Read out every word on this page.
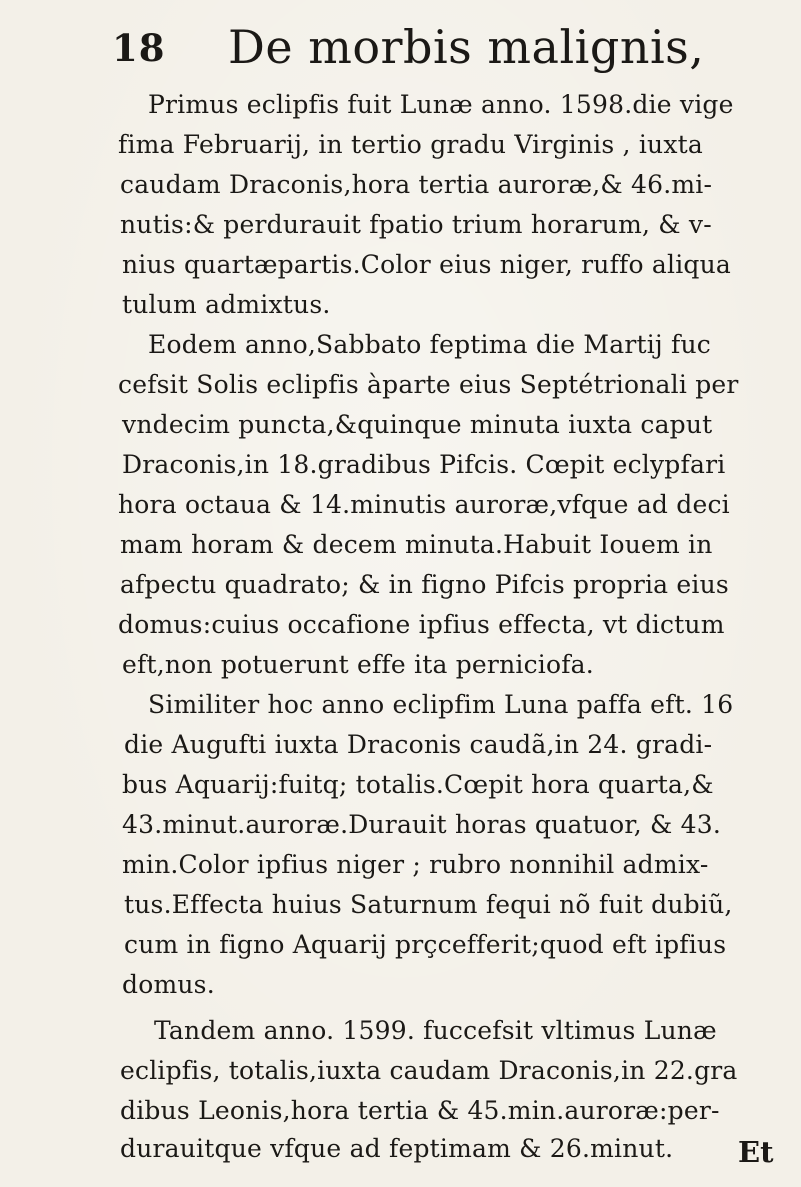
18 De morbis malignis,
Primus eclipfis fuit Lunæ anno. 1598.die vige
fima Februarij, in tertio gradu Virginis , iuxta
caudam Draconis,hora tertia auroræ,& 46.mi-
nutis:& perdurauit fpatio trium horarum, & v-
nius quartæpartis.Color eius niger, ruffo aliqua
tulum admixtus.
Eodem anno,Sabbato feptima die Martij fuc
cefsit Solis eclipfis àparte eius Septétrionali per
vndecim puncta,&quinque minuta iuxta caput
Draconis,in 18.gradibus Pifcis. Cœpit eclypfari
hora octaua & 14.minutis auroræ,vfque ad deci
mam horam & decem minuta.Habuit Iouem in
afpectu quadrato; & in figno Pifcis propria eius
domus:cuius occafione ipfius effecta, vt dictum
eft,non potuerunt effe ita perniciofa.
Similiter hoc anno eclipfim Luna paffa eft. 16
die Augufti iuxta Draconis caudã,in 24. gradi-
bus Aquarij:fuitq; totalis.Cœpit hora quarta,&
43.minut.auroræ.Durauit horas quatuor, & 43.
min.Color ipfius niger ; rubro nonnihil admix-
tus.Effecta huius Saturnum fequi nõ fuit dubiũ,
cum in figno Aquarij prçcefferit;quod eft ipfius
domus.
Tandem anno. 1599. fuccefsit vltimus Lunæ
eclipfis, totalis,iuxta caudam Draconis,in 22.gra
dibus Leonis,hora tertia & 45.min.auroræ:per-
durauitque vfque ad feptimam & 26.minut. Et
